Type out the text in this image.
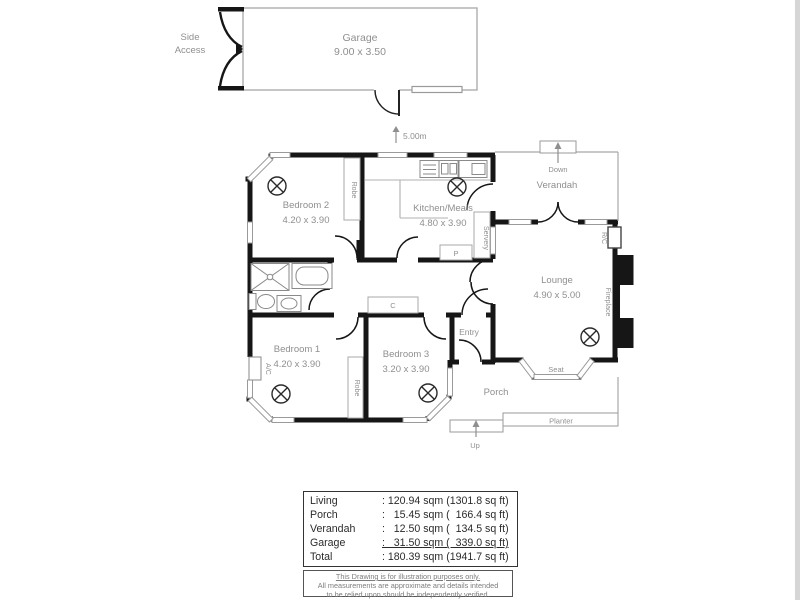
Garage
9.00 x 3.50
Side
Access
5.00m
Down
Up
Planter
Bedroom 2
4.20 x 3.90
Kitchen/Meals
4.80 x 3.90
Verandah
Lounge
4.90 x 5.00
Bedroom 1
4.20 x 3.90
Bedroom 3
3.20 x 3.90
Entry
Porch
Seat
P
C
Robe
Robe
Servery
A/C
R/C
Fireplace
Living	: 120.94 sqm (1301.8 sq ft)
Porch	:   15.45 sqm (  166.4 sq ft)
Verandah	:   12.50 sqm (  134.5 sq ft)
Garage	:   31.50 sqm (  339.0 sq ft)
Total	: 180.39 sqm (1941.7 sq ft)
This Drawing is for illustration purposes only.
All measurements are approximate and details intended
to be relied upon should be independently verified.
